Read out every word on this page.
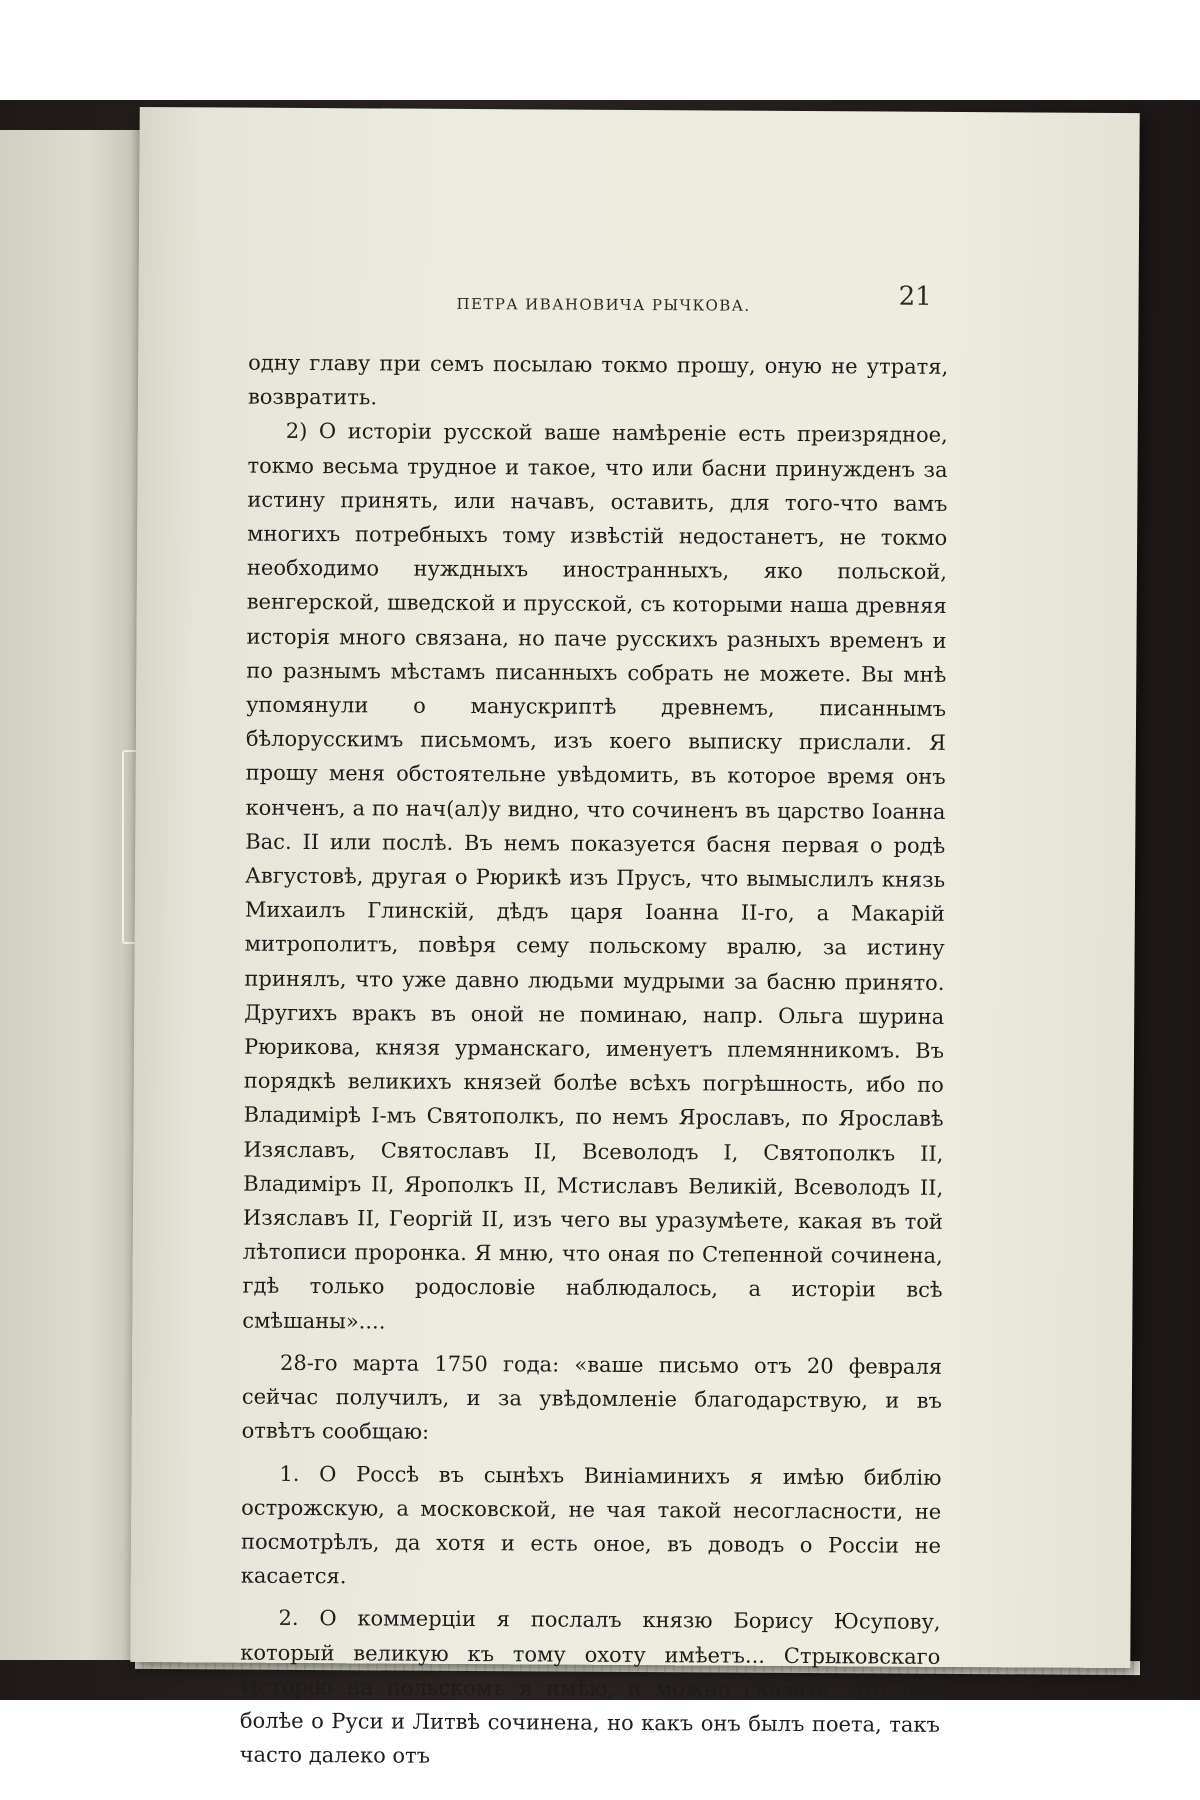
ПЕТРА ИВАНОВИЧА РЫЧКОВА.	21

одну главу при семъ посылаю токмо прошу, оную не утратя, возвратить.

2) О исторіи русской ваше намѣреніе есть преизрядное, токмо весьма трудное и такое, что или басни принужденъ за истину принять, или начавъ, оставить, для того-что вамъ многихъ потребныхъ тому извѣстій недостанетъ, не токмо необходимо нуждныхъ иностранныхъ, яко польской, венгерской, шведской и прусской, съ которыми наша древняя исторія много связана, но паче русскихъ разныхъ временъ и по разнымъ мѣстамъ писанныхъ собрать не можете. Вы мнѣ упомянули о манускриптѣ древнемъ, писаннымъ бѣлорусскимъ письмомъ, изъ коего выписку прислали. Я прошу меня обстоятельне увѣдомить, въ которое время онъ конченъ, а по нач(ал)у видно, что сочиненъ въ царство Іоанна Вас. II или послѣ. Въ немъ показуется басня первая о родѣ Августовѣ, другая о Рюрикѣ изъ Прусъ, что вымыслилъ князь Михаилъ Глинскій, дѣдъ царя Іоанна II-го, а Макарій митрополитъ, повѣря сему польскому вралю, за истину принялъ, что уже давно людьми мудрыми за басню принято. Другихъ вракъ въ оной не поминаю, напр. Ольга шурина Рюрикова, князя урманскаго, именуетъ племянникомъ. Въ порядкѣ великихъ князей болѣе всѣхъ погрѣшность, ибо по Владимірѣ І-мъ Святополкъ, по немъ Ярославъ, по Ярославѣ Изяславъ, Святославъ II, Всеволодъ I, Святополкъ II, Владиміръ II, Ярополкъ II, Мстиславъ Великій, Всеволодъ II, Изяславъ II, Георгій II, изъ чего вы уразумѣете, какая въ той лѣтописи проронка. Я мню, что оная по Степенной сочинена, гдѣ только родословіе наблюдалось, а исторіи всѣ смѣшаны»....

28-го марта 1750 года: «ваше письмо отъ 20 февраля сейчас получилъ, и за увѣдомленіе благодарствую, и въ отвѣтъ сообщаю:

1. О Россѣ въ сынѣхъ Виніаминихъ я имѣю библію острожскую, а московской, не чая такой несогласности, не посмотрѣлъ, да хотя и есть оное, въ доводъ о Россіи не касается.

2. О коммерціи я послалъ князю Борису Юсупову, который великую къ тому охоту имѣетъ... Стрыковскаго Исторію на польскомъ я имѣю, и можно сказать, что она болѣе о Руси и Литвѣ сочинена, но какъ онъ былъ поета, такъ часто далеко отъ
